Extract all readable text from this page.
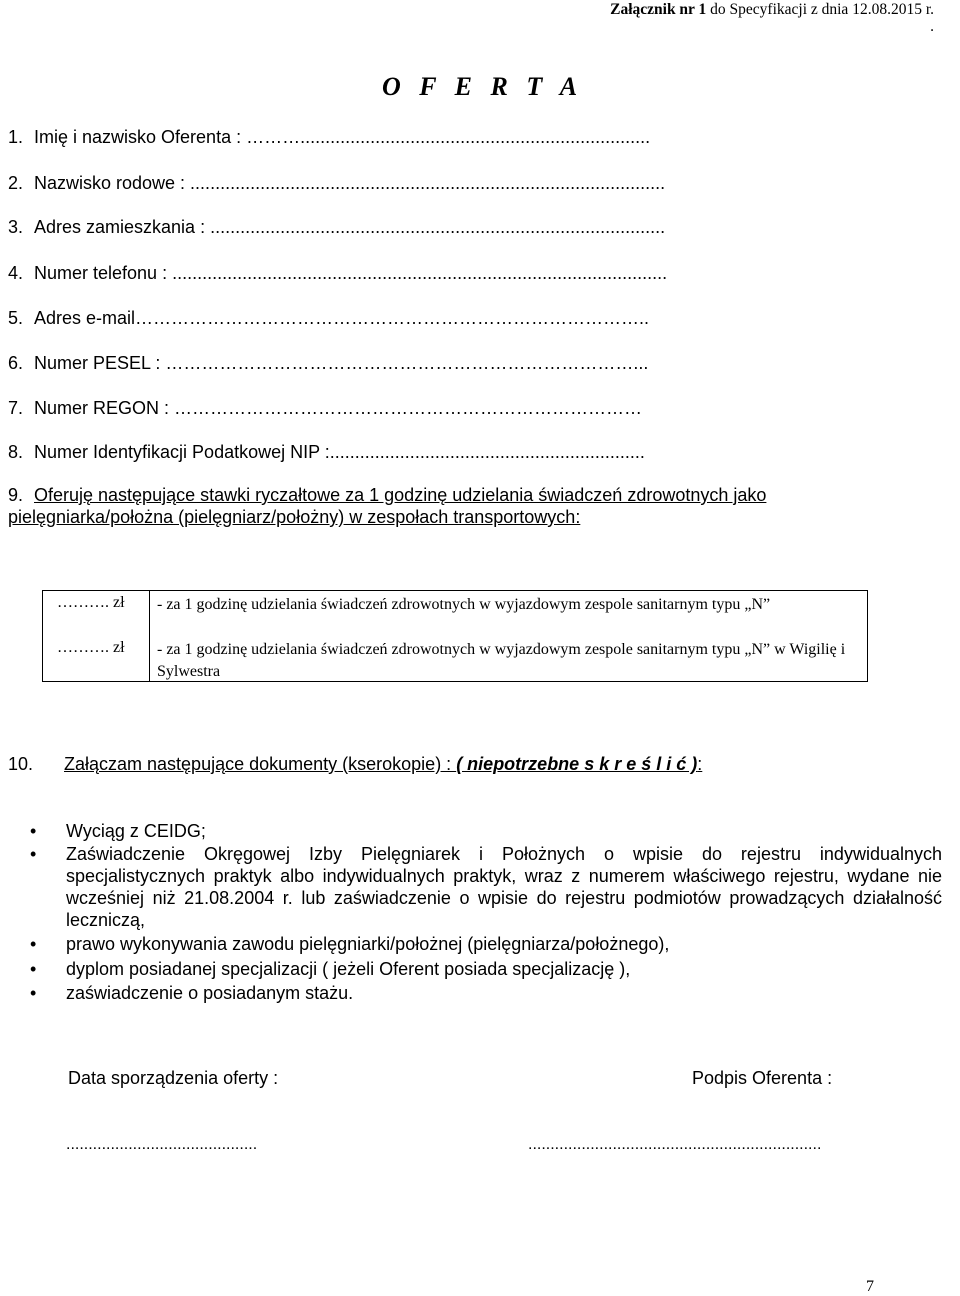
Załącznik nr 1 do Specyfikacji z dnia 12.08.2015 r.
.
O F E R T A
1. Imię i nazwisko Oferenta : ………......................................................................
2. Nazwisko rodowe : ...............................................................................................
3. Adres zamieszkania : ...........................................................................................
4. Numer telefonu : ...................................................................................................
5. Adres e-mail…………………………………………………………………………..
6. Numer PESEL : ……………………………………………………………………...
7. Numer REGON : ……………………………………………………………………
8. Numer Identyfikacji Podatkowej NIP :...............................................................
9. Oferuję następujące stawki ryczałtowe za 1 godzinę udzielania świadczeń zdrowotnych jako pielęgniarka/położna (pielęgniarz/położny) w zespołach transportowych:
………. zł - za 1 godzinę udzielania świadczeń zdrowotnych w wyjazdowym zespole sanitarnym typu „N”
………. zł - za 1 godzinę udzielania świadczeń zdrowotnych w wyjazdowym zespole sanitarnym typu „N” w Wigilię i Sylwestra
10. Załączam następujące dokumenty (kserokopie) : ( niepotrzebne s k r e ś l i ć ):
• Wyciąg z CEIDG;
• Zaświadczenie Okręgowej Izby Pielęgniarek i Położnych o wpisie do rejestru indywidualnych specjalistycznych praktyk albo indywidualnych praktyk, wraz z numerem właściwego rejestru, wydane nie wcześniej niż 21.08.2004 r. lub zaświadczenie o wpisie do rejestru podmiotów prowadzących działalność leczniczą,
• prawo wykonywania zawodu pielęgniarki/położnej (pielęgniarza/położnego),
• dyplom posiadanej specjalizacji ( jeżeli Oferent posiada specjalizację ),
• zaświadczenie o posiadanym stażu.
Data sporządzenia oferty :	Podpis Oferenta :
...........................................	..................................................................
7
